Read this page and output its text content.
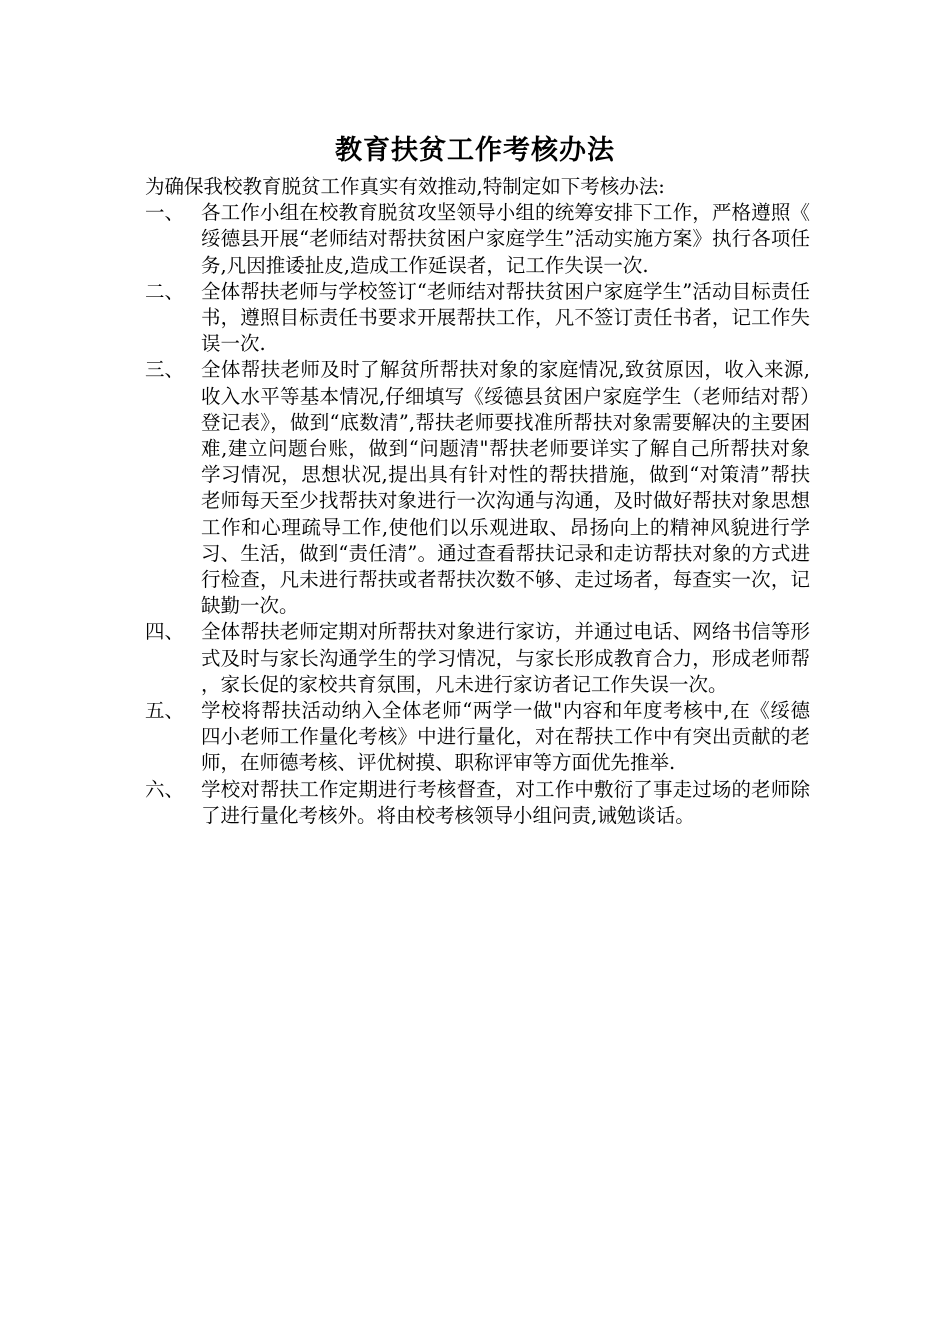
教育扶贫工作考核办法

为确保我校教育脱贫工作真实有效推动,特制定如下考核办法:

一、 各工作小组在校教育脱贫攻坚领导小组的统筹安排下工作，严格遵照《绥德县开展“老师结对帮扶贫困户家庭学生”活动实施方案》执行各项任务,凡因推诿扯皮,造成工作延误者，记工作失误一次.
二、 全体帮扶老师与学校签订“老师结对帮扶贫困户家庭学生”活动目标责任书，遵照目标责任书要求开展帮扶工作，凡不签订责任书者，记工作失误一次.
三、 全体帮扶老师及时了解贫所帮扶对象的家庭情况,致贫原因，收入来源,收入水平等基本情况,仔细填写《绥德县贫困户家庭学生（老师结对帮）登记表》，做到“底数清”,帮扶老师要找准所帮扶对象需要解决的主要困难,建立问题台账，做到“问题清"帮扶老师要详实了解自己所帮扶对象学习情况，思想状况,提出具有针对性的帮扶措施，做到“对策清”帮扶老师每天至少找帮扶对象进行一次沟通与沟通，及时做好帮扶对象思想工作和心理疏导工作,使他们以乐观进取、昂扬向上的精神风貌进行学习、生活，做到“责任清”。通过查看帮扶记录和走访帮扶对象的方式进行检查，凡未进行帮扶或者帮扶次数不够、走过场者，每查实一次，记缺勤一次。
四、 全体帮扶老师定期对所帮扶对象进行家访，并通过电话、网络书信等形式及时与家长沟通学生的学习情况，与家长形成教育合力，形成老师帮，家长促的家校共育氛围，凡未进行家访者记工作失误一次。
五、 学校将帮扶活动纳入全体老师“两学一做"内容和年度考核中,在《绥德四小老师工作量化考核》中进行量化，对在帮扶工作中有突出贡献的老师，在师德考核、评优树摸、职称评审等方面优先推举.
六、 学校对帮扶工作定期进行考核督查，对工作中敷衍了事走过场的老师除了进行量化考核外。将由校考核领导小组问责,诫勉谈话。
